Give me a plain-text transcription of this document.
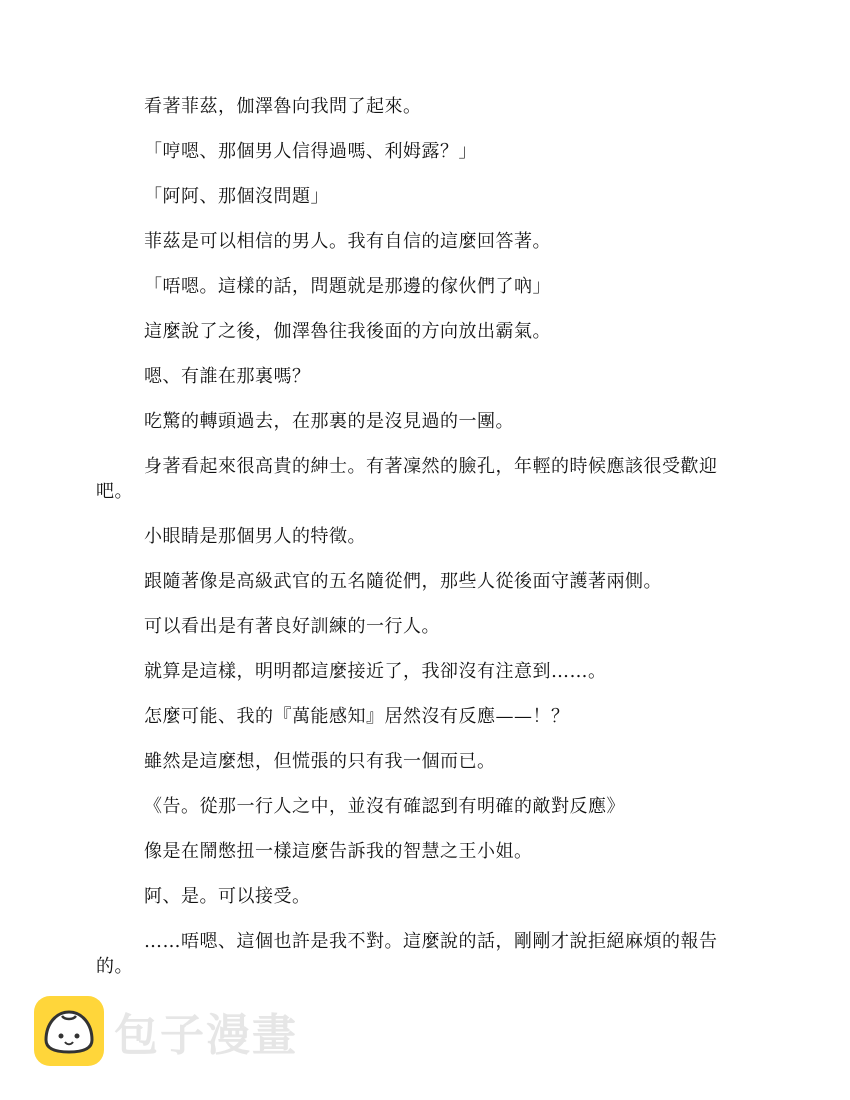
看著菲茲，伽澤魯向我問了起來。

「哼嗯、那個男人信得過嗎、利姆露？」

「阿阿、那個沒問題」

菲茲是可以相信的男人。我有自信的這麼回答著。

「唔嗯。這樣的話，問題就是那邊的傢伙們了吶」

這麼說了之後，伽澤魯往我後面的方向放出霸氣。

嗯、有誰在那裏嗎？

吃驚的轉頭過去，在那裏的是沒見過的一團。

身著看起來很高貴的紳士。有著凜然的臉孔，年輕的時候應該很受歡迎吧。

小眼睛是那個男人的特徵。

跟隨著像是高級武官的五名隨從們，那些人從後面守護著兩側。

可以看出是有著良好訓練的一行人。

就算是這樣，明明都這麼接近了，我卻沒有注意到……。

怎麼可能、我的『萬能感知』居然沒有反應——！？

雖然是這麼想，但慌張的只有我一個而已。

《告。從那一行人之中，並沒有確認到有明確的敵對反應》

像是在鬧憋扭一樣這麼告訴我的智慧之王小姐。

阿、是。可以接受。

……唔嗯、這個也許是我不對。這麼說的話，剛剛才說拒絕麻煩的報告的。

包子漫畫
